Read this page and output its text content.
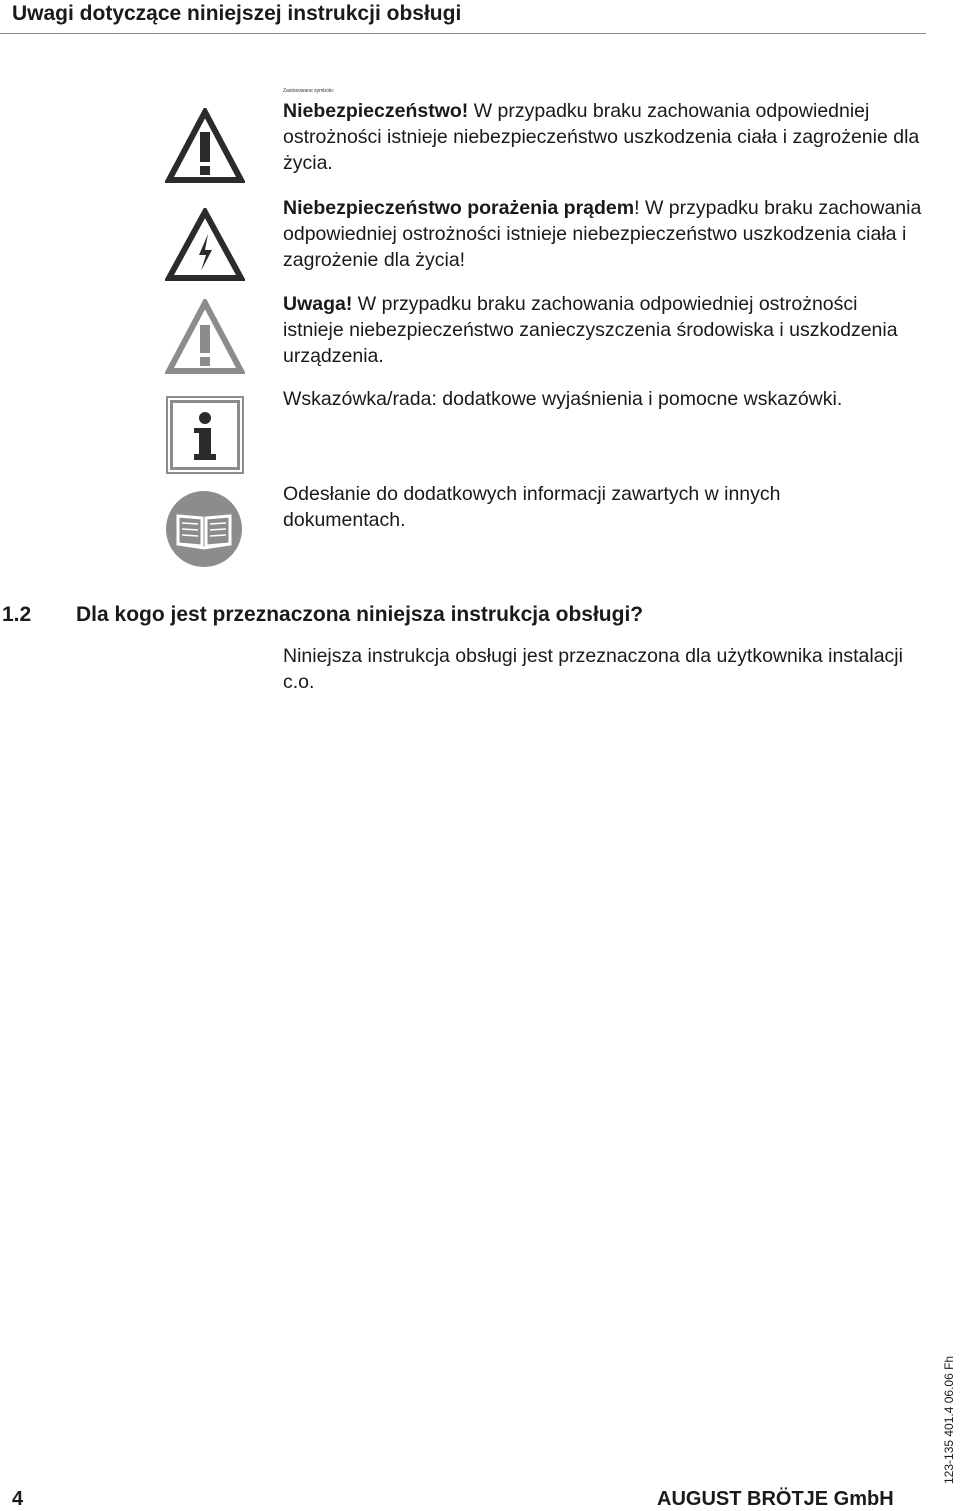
Uwagi dotyczące niniejszej instrukcji obsługi
Zastosowane symbole:
Niebezpieczeństwo! W przypadku braku zachowania odpowiedniej ostrożności istnieje niebezpieczeństwo uszkodzenia ciała i zagrożenie dla życia.
Niebezpieczeństwo porażenia prądem! W przypadku braku zachowania odpowiedniej ostrożności istnieje niebezpieczeństwo uszkodzenia ciała i zagrożenie dla życia!
Uwaga! W przypadku braku zachowania odpowiedniej ostrożności istnieje niebezpieczeństwo zanieczyszczenia środowiska i uszkodzenia urządzenia.
Wskazówka/rada: dodatkowe wyjaśnienia i pomocne wskazówki.
Odesłanie do dodatkowych informacji zawartych w innych dokumentach.
1.2 Dla kogo jest przeznaczona niniejsza instrukcja obsługi?
Niniejsza instrukcja obsługi jest przeznaczona dla użytkownika instalacji c.o.
123-135 401.4 06.06 Fh
4	AUGUST BRÖTJE GmbH
